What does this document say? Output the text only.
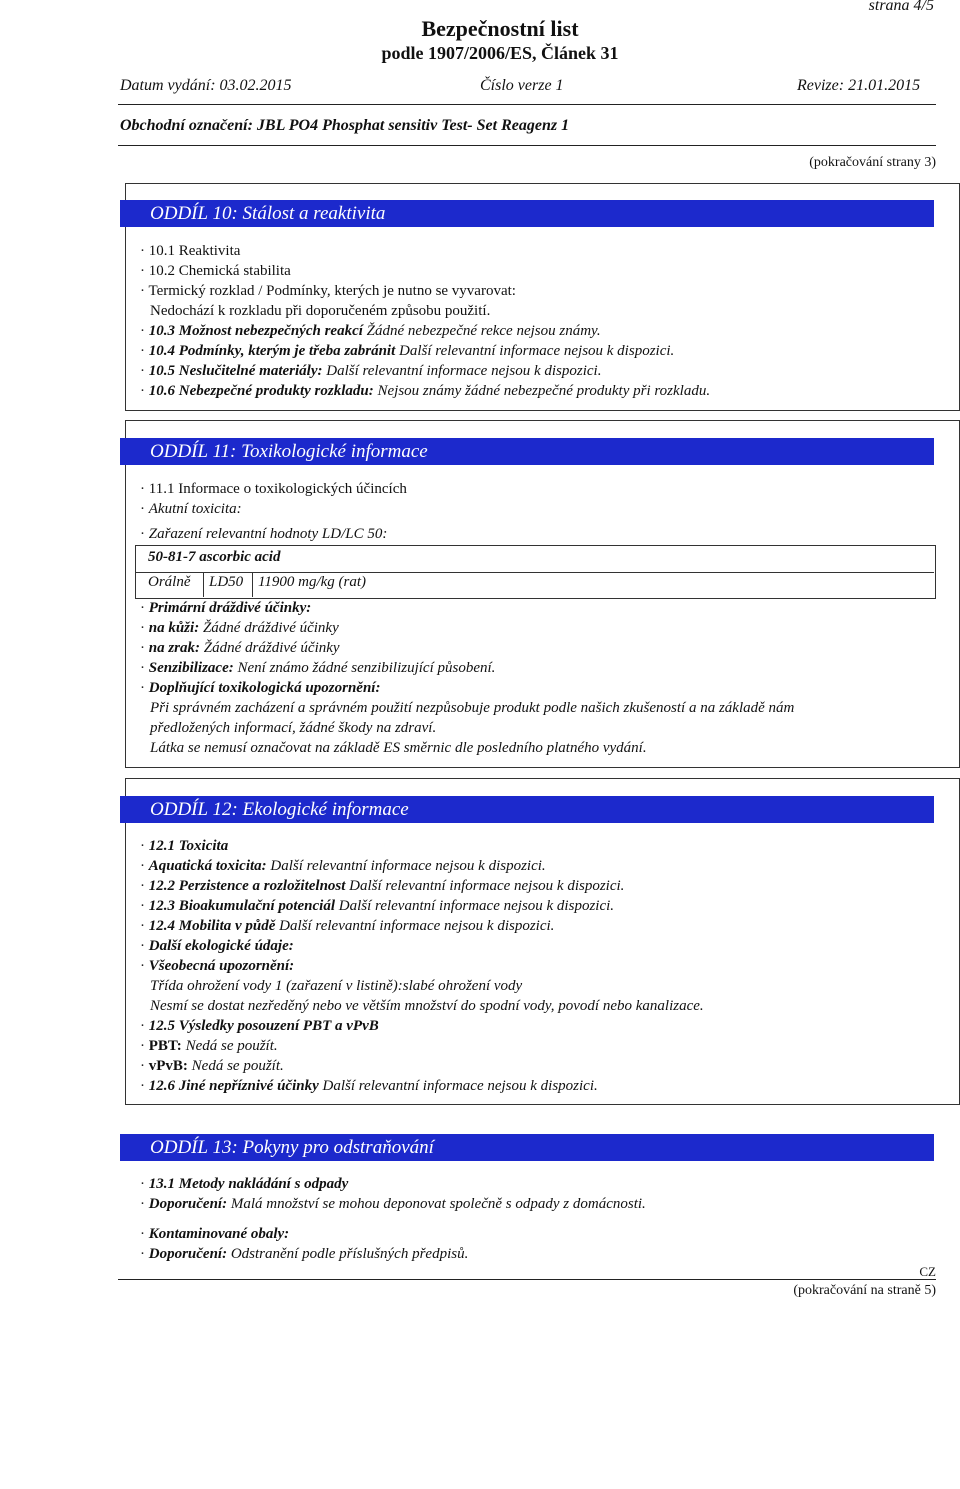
strana 4/5
Bezpečnostní list
podle 1907/2006/ES, Článek 31
Datum vydání: 03.02.2015	Číslo verze 1	Revize: 21.01.2015
Obchodní označení: JBL PO4 Phosphat sensitiv Test- Set Reagenz 1
(pokračování strany 3)
ODDÍL 10: Stálost a reaktivita
· 10.1 Reaktivita
· 10.2 Chemická stabilita
· Termický rozklad / Podmínky, kterých je nutno se vyvarovat:
Nedochází k rozkladu při doporučeném způsobu použití.
· 10.3 Možnost nebezpečných reakcí Žádné nebezpečné rekce nejsou známy.
· 10.4 Podmínky, kterým je třeba zabránit Další relevantní informace nejsou k dispozici.
· 10.5 Neslučitelné materiály: Další relevantní informace nejsou k dispozici.
· 10.6 Nebezpečné produkty rozkladu: Nejsou známy žádné nebezpečné produkty při rozkladu.
ODDÍL 11: Toxikologické informace
· 11.1 Informace o toxikologických účincích
· Akutní toxicita:
· Zařazení relevantní hodnoty LD/LC 50:
50-81-7 ascorbic acid
Orálně LD50 11900 mg/kg (rat)
· Primární dráždivé účinky:
· na kůži: Žádné dráždivé účinky
· na zrak: Žádné dráždivé účinky
· Senzibilizace: Není známo žádné senzibilizující působení.
· Doplňující toxikologická upozornění:
Při správném zacházení a správném použití nezpůsobuje produkt podle našich zkušeností a na základě nám
předložených informací, žádné škody na zdraví.
Látka se nemusí označovat na základě ES směrnic dle posledního platného vydání.
ODDÍL 12: Ekologické informace
· 12.1 Toxicita
· Aquatická toxicita: Další relevantní informace nejsou k dispozici.
· 12.2 Perzistence a rozložitelnost Další relevantní informace nejsou k dispozici.
· 12.3 Bioakumulační potenciál Další relevantní informace nejsou k dispozici.
· 12.4 Mobilita v půdě Další relevantní informace nejsou k dispozici.
· Další ekologické údaje:
· Všeobecná upozornění:
Třída ohrožení vody 1 (zařazení v listině):slabé ohrožení vody
Nesmí se dostat nezředěný nebo ve větším množství do spodní vody, povodí nebo kanalizace.
· 12.5 Výsledky posouzení PBT a vPvB
· PBT: Nedá se použít.
· vPvB: Nedá se použít.
· 12.6 Jiné nepříznivé účinky Další relevantní informace nejsou k dispozici.
ODDÍL 13: Pokyny pro odstraňování
· 13.1 Metody nakládání s odpady
· Doporučení: Malá množství se mohou deponovat společně s odpady z domácnosti.
· Kontaminované obaly:
· Doporučení: Odstranění podle příslušných předpisů.
CZ
(pokračování na straně 5)
